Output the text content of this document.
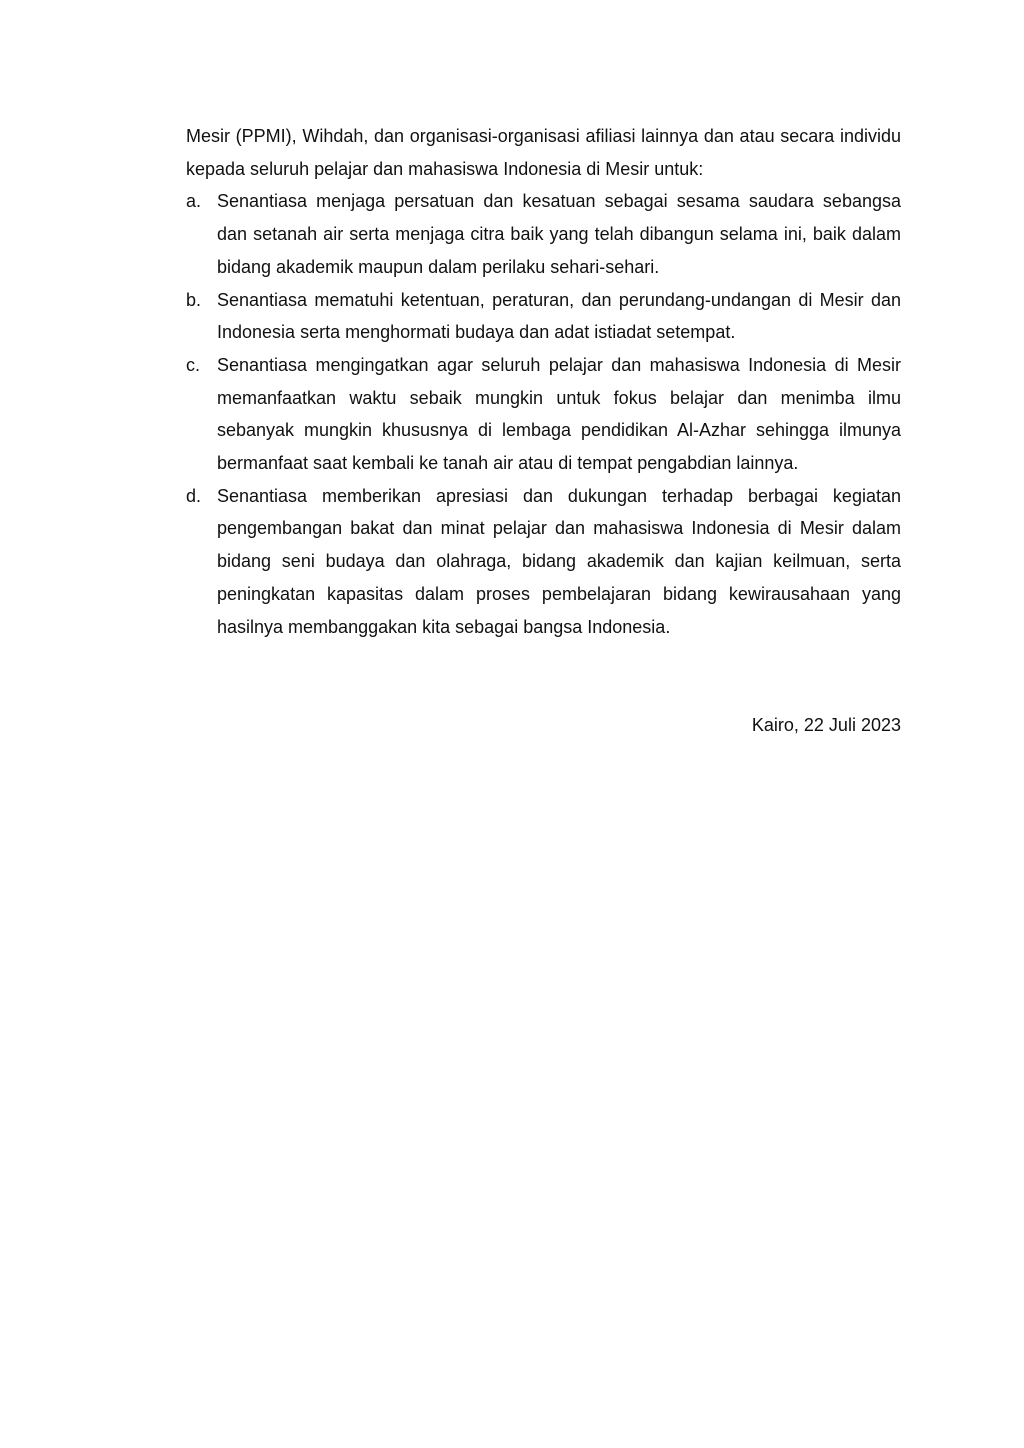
Mesir (PPMI), Wihdah, dan organisasi-organisasi afiliasi lainnya dan atau secara individu kepada seluruh pelajar dan mahasiswa Indonesia di Mesir untuk:

a. Senantiasa menjaga persatuan dan kesatuan sebagai sesama saudara sebangsa dan setanah air serta menjaga citra baik yang telah dibangun selama ini, baik dalam bidang akademik maupun dalam perilaku sehari-sehari.
b. Senantiasa mematuhi ketentuan, peraturan, dan perundang-undangan di Mesir dan Indonesia serta menghormati budaya dan adat istiadat setempat.
c. Senantiasa mengingatkan agar seluruh pelajar dan mahasiswa Indonesia di Mesir memanfaatkan waktu sebaik mungkin untuk fokus belajar dan menimba ilmu sebanyak mungkin khususnya di lembaga pendidikan Al-Azhar sehingga ilmunya bermanfaat saat kembali ke tanah air atau di tempat pengabdian lainnya.
d. Senantiasa memberikan apresiasi dan dukungan terhadap berbagai kegiatan pengembangan bakat dan minat pelajar dan mahasiswa Indonesia di Mesir dalam bidang seni budaya dan olahraga, bidang akademik dan kajian keilmuan, serta peningkatan kapasitas dalam proses pembelajaran bidang kewirausahaan yang hasilnya membanggakan kita sebagai bangsa Indonesia.
Kairo, 22 Juli 2023
